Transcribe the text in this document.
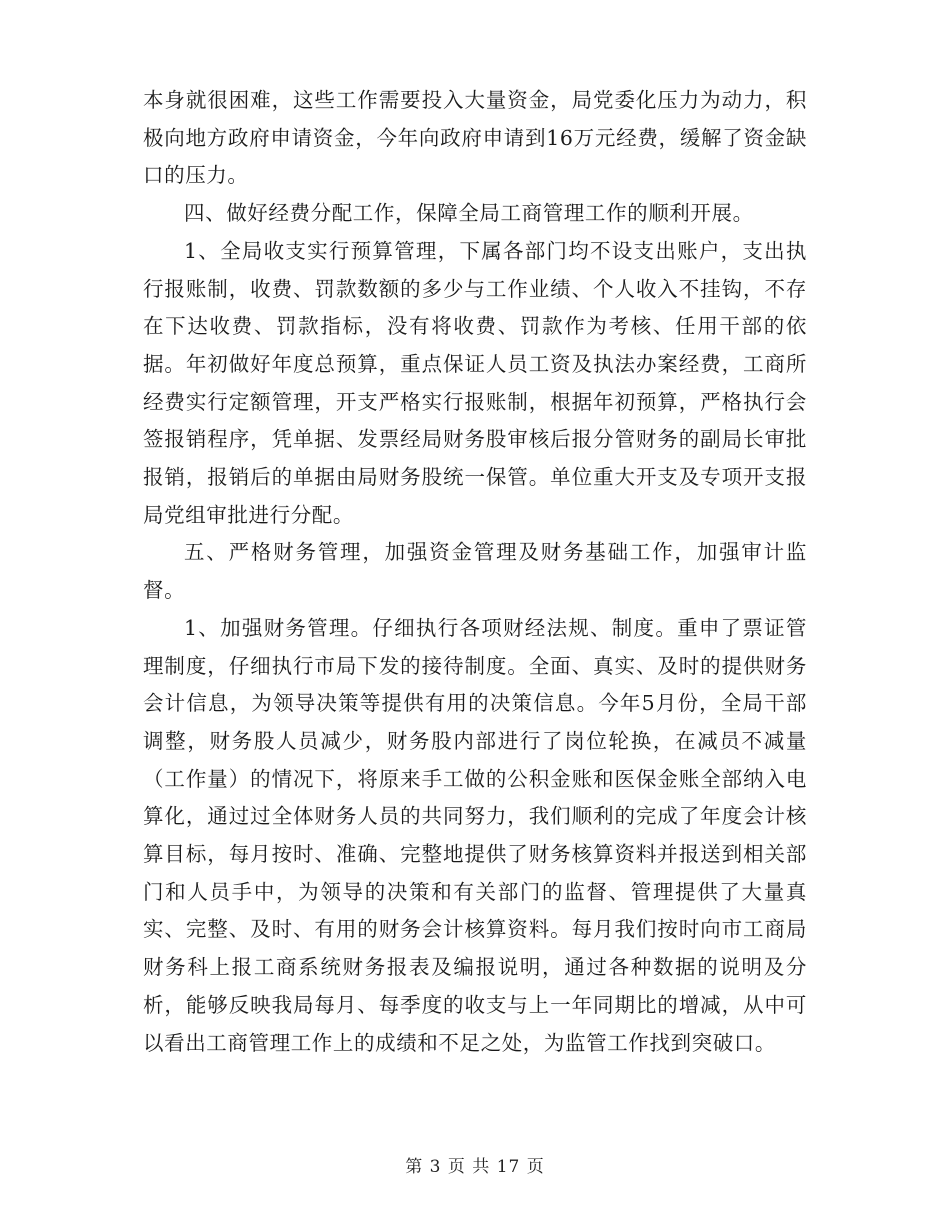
本身就很困难，这些工作需要投入大量资金，局党委化压力为动力，积极向地方政府申请资金，今年向政府申请到16万元经费，缓解了资金缺口的压力。

四、做好经费分配工作，保障全局工商管理工作的顺利开展。

1、全局收支实行预算管理，下属各部门均不设支出账户，支出执行报账制，收费、罚款数额的多少与工作业绩、个人收入不挂钩，不存在下达收费、罚款指标，没有将收费、罚款作为考核、任用干部的依据。年初做好年度总预算，重点保证人员工资及执法办案经费，工商所经费实行定额管理，开支严格实行报账制，根据年初预算，严格执行会签报销程序，凭单据、发票经局财务股审核后报分管财务的副局长审批报销，报销后的单据由局财务股统一保管。单位重大开支及专项开支报局党组审批进行分配。

五、严格财务管理，加强资金管理及财务基础工作，加强审计监督。

1、加强财务管理。仔细执行各项财经法规、制度。重申了票证管理制度，仔细执行市局下发的接待制度。全面、真实、及时的提供财务会计信息，为领导决策等提供有用的决策信息。今年5月份，全局干部调整，财务股人员减少，财务股内部进行了岗位轮换，在减员不减量（工作量）的情况下，将原来手工做的公积金账和医保金账全部纳入电算化，通过过全体财务人员的共同努力，我们顺利的完成了年度会计核算目标，每月按时、准确、完整地提供了财务核算资料并报送到相关部门和人员手中，为领导的决策和有关部门的监督、管理提供了大量真实、完整、及时、有用的财务会计核算资料。每月我们按时向市工商局财务科上报工商系统财务报表及编报说明，通过各种数据的说明及分析，能够反映我局每月、每季度的收支与上一年同期比的增减，从中可以看出工商管理工作上的成绩和不足之处，为监管工作找到突破口。

第 3 页 共 17 页
